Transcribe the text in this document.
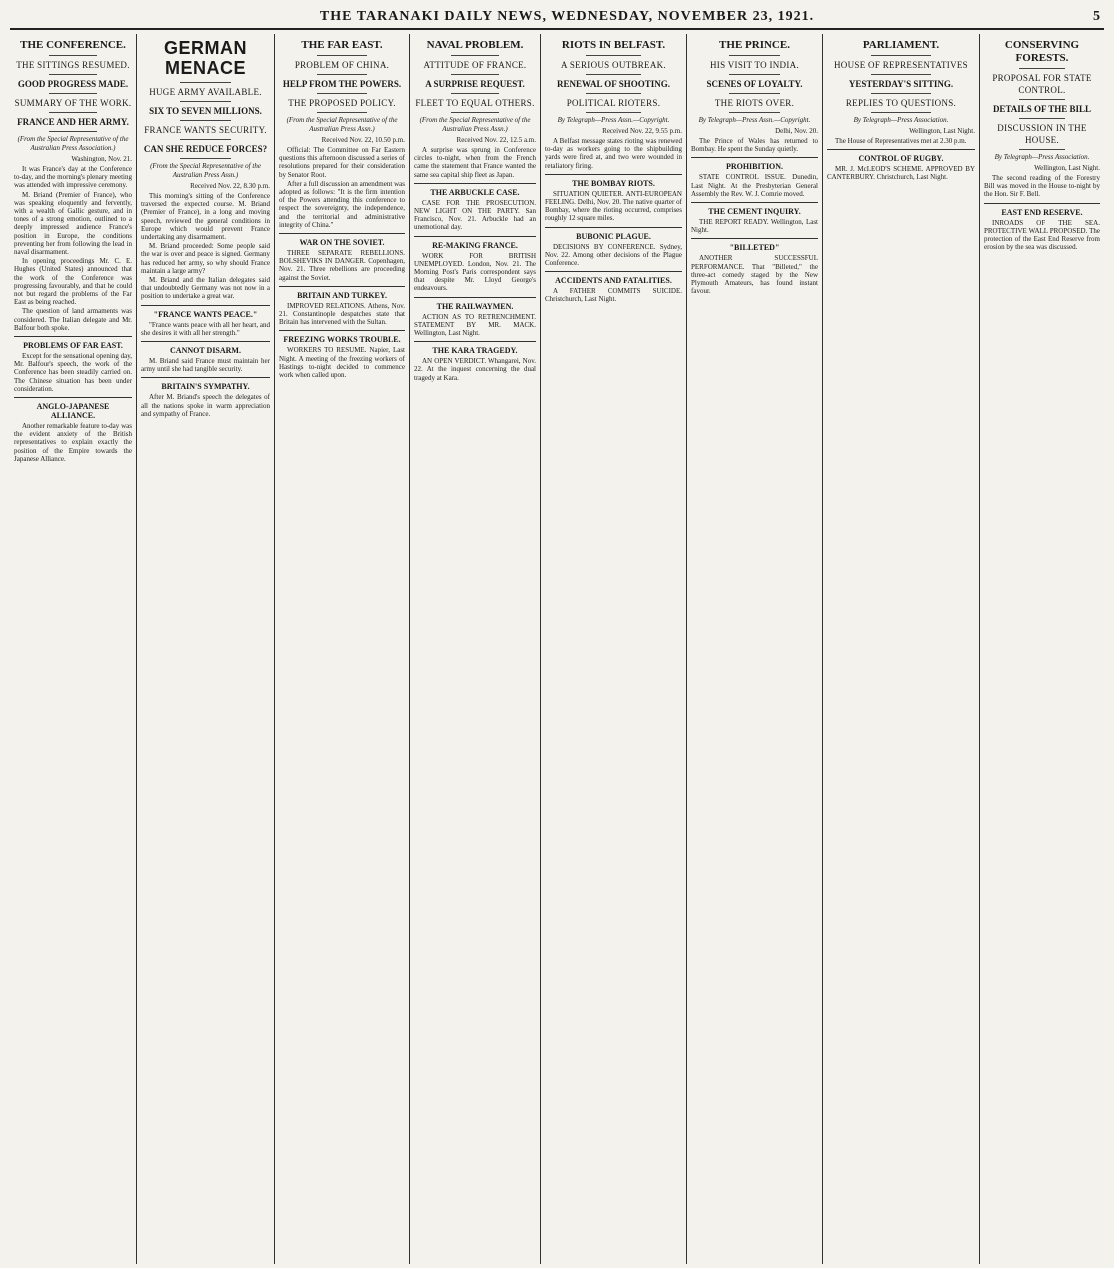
THE TARANAKI DAILY NEWS, WEDNESDAY, NOVEMBER 23, 1921.	5
THE CONFERENCE.
THE SITTINGS RESUMED.
GOOD PROGRESS MADE.
SUMMARY OF THE WORK.
FRANCE AND HER ARMY.
(From the Special Representative of the Australian Press Association.)
Washington, Nov. 21.

It was France's day at the Conference to-day, and the morning's plenary meeting was attended with impressive ceremony.

M. Briand (Premier of France), who was speaking eloquently and fervently, with a wealth of Gallic gesture, and in tones of a strong emotion, outlined to a deeply impressed audience France's position in Europe, the conditions preventing her from following the lead in naval disarmament.

In opening proceedings Mr. C. E. Hughes (United States) announced that the work of the Conference was progressing favourably, and that he could not but regard the problems of the Far East as being reached.

The question of land armaments was considered. The Italian delegate and Mr. Balfour both spoke.

PROBLEMS OF FAR EAST.

Except for the sensational opening day, Mr. Balfour's speech, the work of the Conference has been steadily carried on. The Chinese situation has been under consideration.

ANGLO-JAPANESE ALLIANCE.

Another remarkable feature to-day was the evident anxiety of the British representatives to explain exactly the position of the Empire towards the Japanese Alliance.

GERMAN MENACE
HUGE ARMY AVAILABLE.
SIX TO SEVEN MILLIONS.
FRANCE WANTS SECURITY.
CAN SHE REDUCE FORCES?
(From the Special Representative of the Australian Press Assn.)
Received Nov. 22, 8.30 p.m.

This morning's sitting of the Conference traversed the expected course. M. Briand (Premier of France), in a long and moving speech, reviewed the general conditions in Europe which would prevent France undertaking any disarmament.

M. Briand proceeded: Some people said the war is over and peace is signed. Germany has reduced her army, so why should France maintain a large army?

M. Briand and the Italian delegates said that undoubtedly Germany was not now in a position to undertake a great war.

"FRANCE WANTS PEACE."

"France wants peace with all her heart, and she desires it with all her strength."

CANNOT DISARM.

M. Briand said France must maintain her army until she had tangible security.

BRITAIN'S SYMPATHY.

After M. Briand's speech the delegates of all the nations spoke in warm appreciation and sympathy of France.

THE FAR EAST.
PROBLEM OF CHINA.
HELP FROM THE POWERS.
THE PROPOSED POLICY.
(From the Special Representative of the Australian Press Assn.)
Received Nov. 22, 10.50 p.m.

Official: The Committee on Far Eastern questions this afternoon discussed a series of resolutions prepared for their consideration by Senator Root.

After a full discussion an amendment was adopted as follows: "It is the firm intention of the Powers attending this conference to respect the sovereignty, the independence, and the territorial and administrative integrity of China."

WAR ON THE SOVIET.

THREE SEPARATE REBELLIONS. BOLSHEVIKS IN DANGER. Copenhagen, Nov. 21. Three rebellions are proceeding against the Soviet.

BRITAIN AND TURKEY.

IMPROVED RELATIONS. Athens, Nov. 21. Constantinople despatches state that Britain has intervened with the Sultan.

FREEZING WORKS TROUBLE.

WORKERS TO RESUME. Napier, Last Night. A meeting of the freezing workers of Hastings to-night decided to commence work when called upon.

NAVAL PROBLEM.
ATTITUDE OF FRANCE.
A SURPRISE REQUEST.
FLEET TO EQUAL OTHERS.
(From the Special Representative of the Australian Press Assn.)
Received Nov. 22, 12.5 a.m.

A surprise was sprung in Conference circles to-night, when from the French came the statement that France wanted the same sea capital ship fleet as Japan.

THE ARBUCKLE CASE.

CASE FOR THE PROSECUTION. NEW LIGHT ON THE PARTY. San Francisco, Nov. 21. Arbuckle had an unemotional day.

RE-MAKING FRANCE.

WORK FOR BRITISH UNEMPLOYED. London, Nov. 21. The Morning Post's Paris correspondent says that despite Mr. Lloyd George's endeavours.

THE RAILWAYMEN.

ACTION AS TO RETRENCHMENT. STATEMENT BY MR. MACK. Wellington, Last Night.

THE KARA TRAGEDY.

AN OPEN VERDICT. Whangarei, Nov. 22. At the inquest concerning the dual tragedy at Kara.

RIOTS IN BELFAST.
A SERIOUS OUTBREAK.
RENEWAL OF SHOOTING.
POLITICAL RIOTERS.
By Telegraph—Press Assn.—Copyright.
Received Nov. 22, 9.55 p.m.

A Belfast message states rioting was renewed to-day as workers going to the shipbuilding yards were fired at, and two were wounded in retaliatory firing.

THE BOMBAY RIOTS.

SITUATION QUIETER. ANTI-EUROPEAN FEELING. Delhi, Nov. 20. The native quarter of Bombay, where the rioting occurred, comprises roughly 12 square miles.

BUBONIC PLAGUE.

DECISIONS BY CONFERENCE. Sydney, Nov. 22. Among other decisions of the Plague Conference.

ACCIDENTS AND FATALITIES.

A FATHER COMMITS SUICIDE. Christchurch, Last Night.

THE PRINCE.
HIS VISIT TO INDIA.
SCENES OF LOYALTY.
THE RIOTS OVER.
By Telegraph—Press Assn.—Copyright.
Delhi, Nov. 20.

The Prince of Wales has returned to Bombay. He spent the Sunday quietly.

PROHIBITION.

STATE CONTROL ISSUE. Dunedin, Last Night. At the Presbyterian General Assembly the Rev. W. J. Comrie moved.

THE CEMENT INQUIRY.

THE REPORT READY. Wellington, Last Night.

"BILLETED"

ANOTHER SUCCESSFUL PERFORMANCE. That "Billeted," the three-act comedy staged by the New Plymouth Amateurs, has found instant favour.

PARLIAMENT.
HOUSE OF REPRESENTATIVES
YESTERDAY'S SITTING.
REPLIES TO QUESTIONS.
By Telegraph—Press Association.
Wellington, Last Night.

The House of Representatives met at 2.30 p.m.

CONTROL OF RUGBY.

MR. J. McLEOD'S SCHEME. APPROVED BY CANTERBURY. Christchurch, Last Night.

CONSERVING FORESTS.
PROPOSAL FOR STATE CONTROL.
DETAILS OF THE BILL
DISCUSSION IN THE HOUSE.
By Telegraph—Press Association.
Wellington, Last Night.

The second reading of the Forestry Bill was moved in the House to-night by the Hon. Sir F. Bell.

EAST END RESERVE.

INROADS OF THE SEA. PROTECTIVE WALL PROPOSED. The protection of the East End Reserve from erosion by the sea was discussed.
